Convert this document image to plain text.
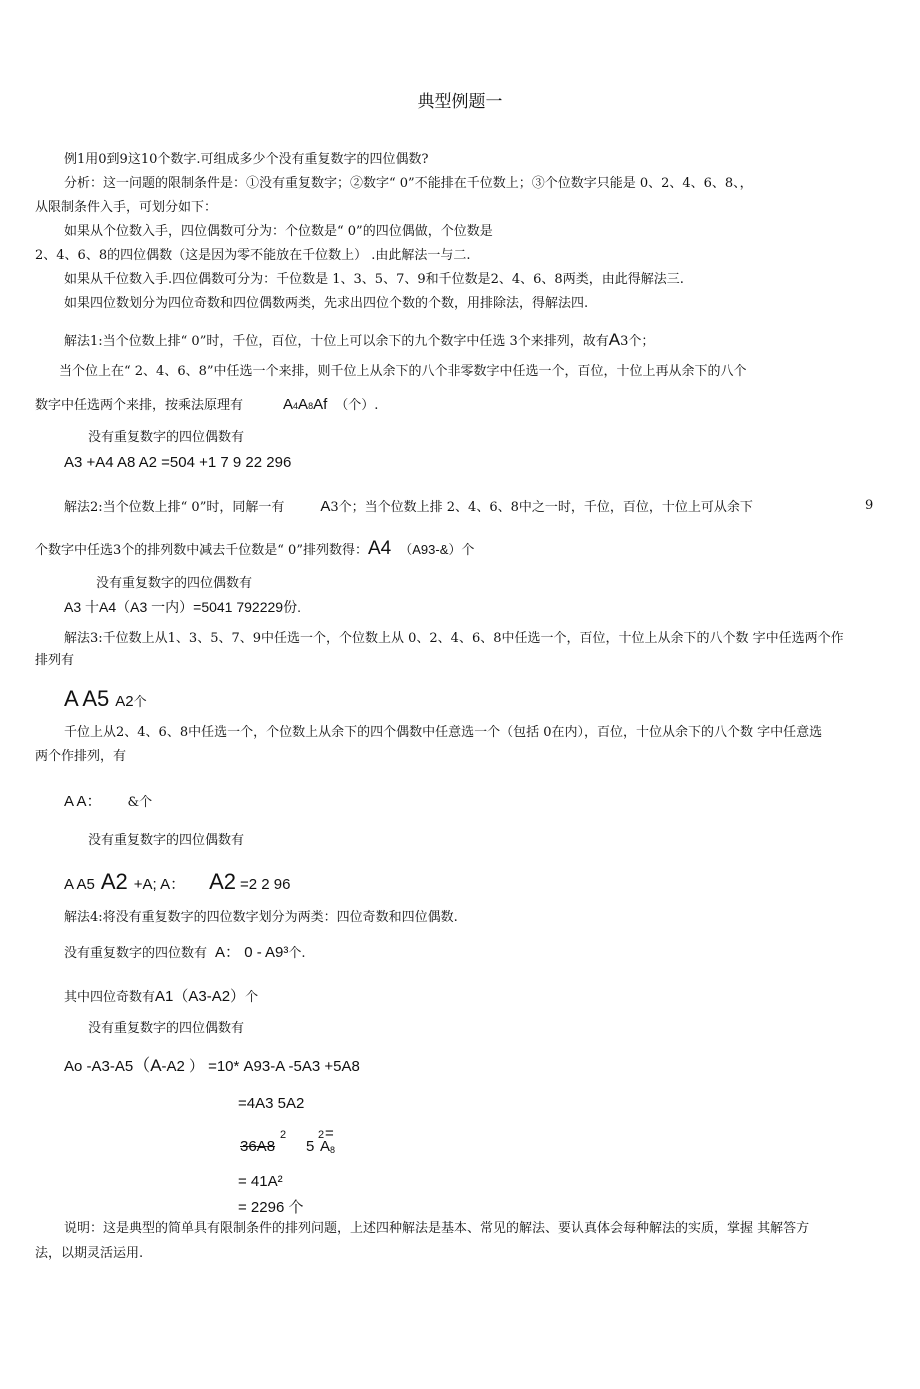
典型例题一
例1用0到9这10个数字.可组成多少个没有重复数字的四位偶数?
分析：这一问题的限制条件是：①没有重复数字；②数字“ 0”不能排在千位数上；③个位数字只能是 0、2、4、6、8、，
从限制条件入手，可划分如下：
如果从个位数入手，四位偶数可分为：个位数是“ 0”的四位偶做，个位数是
2、4、6、8的四位偶数（这是因为零不能放在千位数上） .由此解法一与二.
如果从千位数入手.四位偶数可分为：千位数是 1、3、5、7、9和千位数是2、4、6、8两类，由此得解法三.
如果四位数划分为四位奇数和四位偶数两类，先求出四位个数的个数，用排除法，得解法四.
解法1:当个位数上排“ 0”时，千位，百位，十位上可以余下的九个数字中任选 3个来排列，故有A3个；
当个位上在“ 2、4、6、8”中任选一个来排，则千位上从余下的八个非零数字中任选一个，百位，十位上再从余下的八个
数字中任选两个来排，按乘法原理有	A4A8Af （个）.
没有重复数字的四位偶数有
A3 +A4 A8 A2 =504 +1 7 9 22 296
解法2:当个位数上排“ 0”时，同解一有 A3个；当个位数上排 2、4、6、8中之一时，千位，百位，十位上可从余下	9
个数字中任选3个的排列数中减去千位数是“ 0”排列数得：A4 （A93-&）个
没有重复数字的四位偶数有
A3 十A4（A3 一内）=5041 792229份.
解法3:千位数上从1、3、5、7、9中任选一个，个位数上从 0、2、4、6、8中任选一个，百位，十位上从余下的八个数 字中任选两个作
排列有
A A5 A2个
千位上从2、4、6、8中任选一个，个位数上从余下的四个偶数中任意选一个（包括 0在内），百位，十位从余下的八个数 字中任意选
两个作排列，有
A A： &个
没有重复数字的四位偶数有
A A5 A2 +A; A： A2 =2 2 96
解法4:将没有重复数字的四位数字划分为两类：四位奇数和四位偶数.
没有重复数字的四位数有 A： 0 - A9³个.
其中四位奇数有A1（A3-A2）个
没有重复数字的四位偶数有
Ao -A3-A5（A-A2 ） =10* A93-A -5A3 +5A8
=4A3 5A2
36A8
2
5
2 =
A 8
= 41A²
= 2296 个
说明：这是典型的简单具有限制条件的排列问题，上述四种解法是基本、常见的解法、要认真体会每种解法的实质，掌握 其解答方
法，以期灵活运用.
